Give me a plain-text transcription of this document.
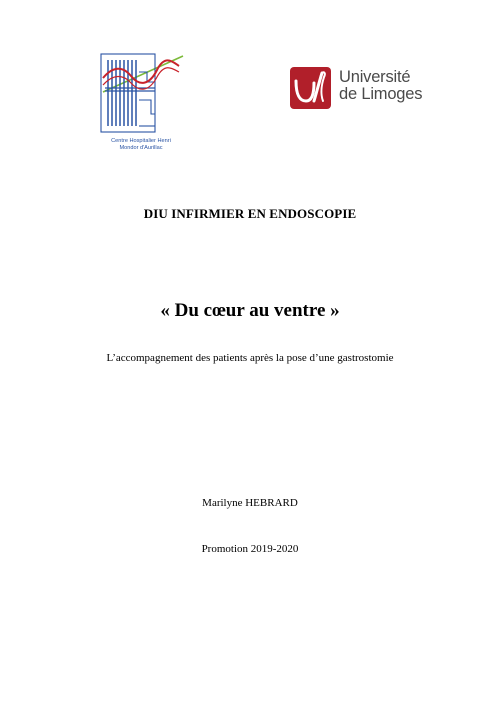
Centre Hospitalier Henri
Mondor d'Aurillac
Université
de Limoges
DIU INFIRMIER EN ENDOSCOPIE
« Du cœur au ventre »
L’accompagnement des patients après la pose d’une gastrostomie
Marilyne HEBRARD
Promotion 2019-2020
